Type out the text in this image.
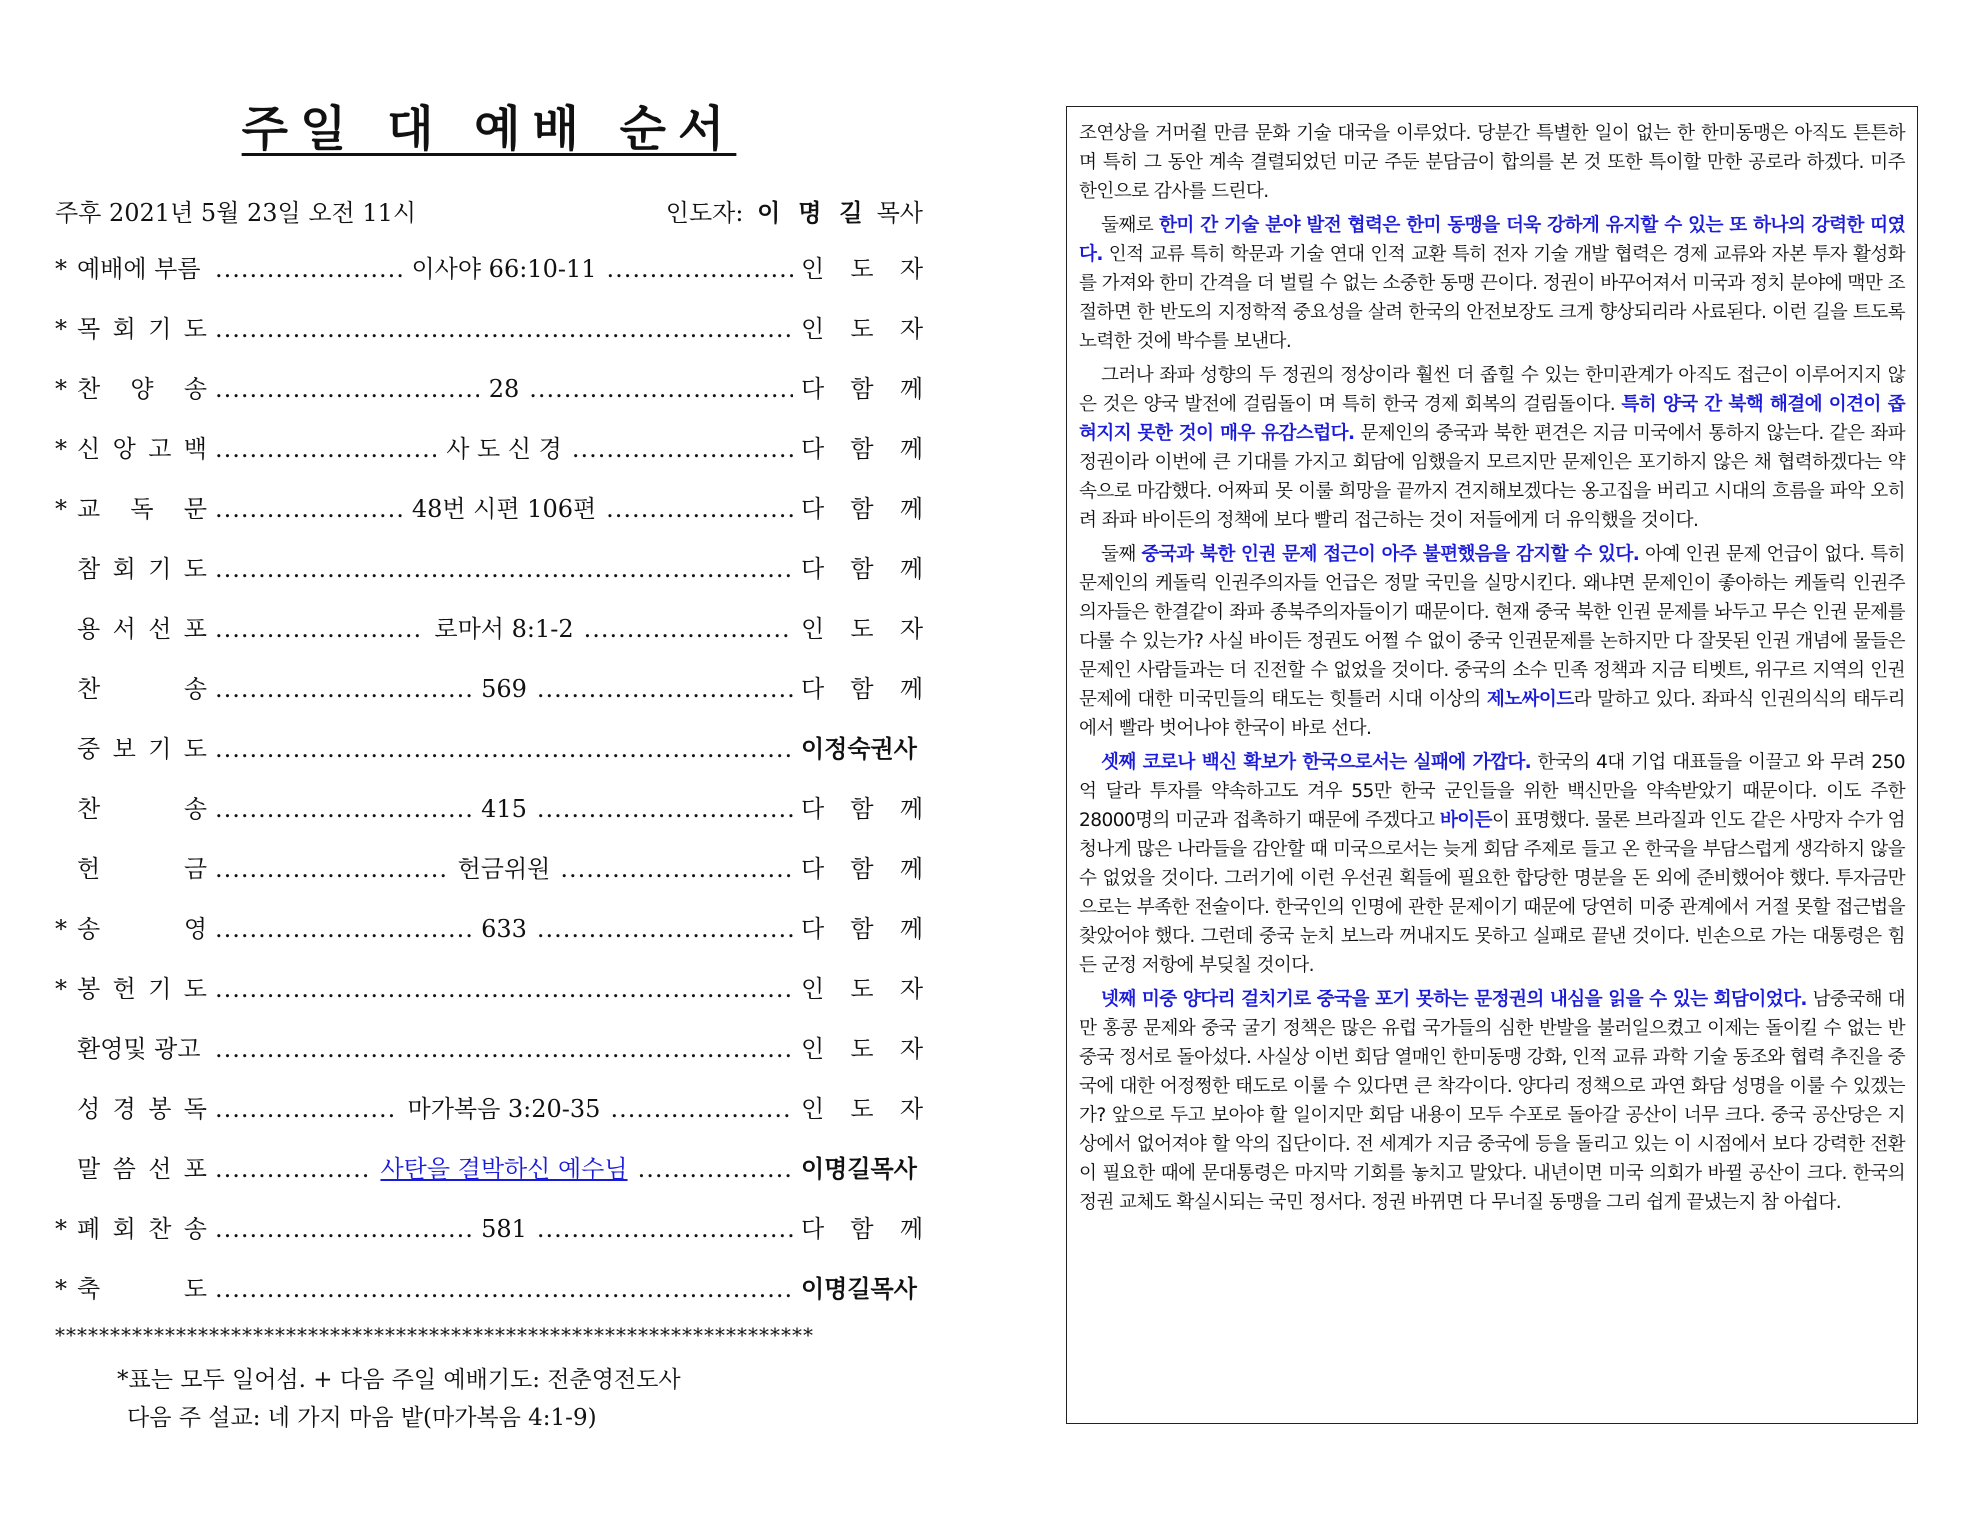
주일 대 예배 순서
주후 2021년 5월 23일 오전 11시	인도자: 이명길목사
* 예배에 부름 .....	이사야 66:10-11 .....	인 도 자
* 목 회 기 도 .....	인 도 자
* 찬 양 송 .....	28 .....	다 함 께
* 신 앙 고 백 .....	사 도 신 경 .....	다 함 께
* 교 독 문 .....	48번 시편 106편 .....	다 함 께
참 회 기 도 .....	다 함 께
용 서 선 포 .....	로마서 8:1-2 .....	인 도 자
찬	송 .....	569 .....	다 함 께
중 보 기 도 .....	이정숙권사
찬	송 .....	415 .....	다 함 께
헌	금 .....	헌금위원 .....	다 함 께
* 송	영 .....	633 .....	다 함 께
* 봉 헌 기 도 .....	인 도 자
환영및 광고 .....	인 도 자
성 경 봉 독 .....	마가복음 3:20-35 .....	인 도 자
말 씀 선 포 .....	사탄을 결박하신 예수님 .....	이명길목사
* 폐 회 찬 송 .....	581 .....	다 함 께
* 축	도 .....	이명길목사
*********************************************************************
*표는 모두 일어섬. + 다음 주일 예배기도: 전춘영전도사
다음 주 설교: 네 가지 마음 밭(마가복음 4:1-9)

조연상을 거머쥘 만큼 문화 기술 대국을 이루었다. 당분간 특별한 일이 없는 한 한미동맹은 아직도 튼튼하며 특히 그 동안 계속 결렬되었던 미군 주둔 분담금이 합의를 본 것 또한 특이할 만한 공로라 하겠다. 미주 한인으로 감사를 드린다.

둘째로 한미 간 기술 분야 발전 협력은 한미 동맹을 더욱 강하게 유지할 수 있는 또 하나의 강력한 띠였다. 인적 교류 특히 학문과 기술 연대 인적 교환 특히 전자 기술 개발 협력은 경제 교류와 자본 투자 활성화를 가져와 한미 간격을 더 벌릴 수 없는 소중한 동맹 끈이다. 정권이 바꾸어져서 미국과 정치 분야에 맥만 조절하면 한 반도의 지정학적 중요성을 살려 한국의 안전보장도 크게 향상되리라 사료된다. 이런 길을 트도록 노력한 것에 박수를 보낸다.

그러나 좌파 성향의 두 정권의 정상이라 훨씬 더 좁힐 수 있는 한미관계가 아직도 접근이 이루어지지 않은 것은 양국 발전에 걸림돌이 며 특히 한국 경제 회복의 걸림돌이다. 특히 양국 간 북핵 해결에 이견이 좁혀지지 못한 것이 매우 유감스럽다. 문제인의 중국과 북한 편견은 지금 미국에서 통하지 않는다. 같은 좌파 정권이라 이번에 큰 기대를 가지고 회담에 임했을지 모르지만 문제인은 포기하지 않은 채 협력하겠다는 약속으로 마감했다. 어짜피 못 이룰 희망을 끝까지 견지해보겠다는 옹고집을 버리고 시대의 흐름을 파악 오히려 좌파 바이든의 정책에 보다 빨리 접근하는 것이 저들에게 더 유익했을 것이다.

둘째 중국과 북한 인권 문제 접근이 아주 불편했음을 감지할 수 있다. 아예 인권 문제 언급이 없다. 특히 문제인의 케돌릭 인권주의자들 언급은 정말 국민을 실망시킨다. 왜냐면 문제인이 좋아하는 케돌릭 인권주의자들은 한결같이 좌파 종북주의자들이기 때문이다. 현재 중국 북한 인권 문제를 놔두고 무슨 인권 문제를 다룰 수 있는가? 사실 바이든 정권도 어쩔 수 없이 중국 인권문제를 논하지만 다 잘못된 인권 개념에 물들은 문제인 사람들과는 더 진전할 수 없었을 것이다. 중국의 소수 민족 정책과 지금 티벳트, 위구르 지역의 인권문제에 대한 미국민들의 태도는 힛틀러 시대 이상의 제노싸이드라 말하고 있다. 좌파식 인권의식의 태두리에서 빨라 벗어나야 한국이 바로 선다.

셋째 코로나 백신 확보가 한국으로서는 실패에 가깝다. 한국의 4대 기업 대표들을 이끌고 와 무려 250억 달라 투자를 약속하고도 겨우 55만 한국 군인들을 위한 백신만을 약속받았기 때문이다. 이도 주한 28000명의 미군과 접촉하기 때문에 주겠다고 바이든이 표명했다. 물론 브라질과 인도 같은 사망자 수가 엄청나게 많은 나라들을 감안할 때 미국으로서는 늦게 회담 주제로 들고 온 한국을 부담스럽게 생각하지 않을 수 없었을 것이다. 그러기에 이런 우선권 획들에 필요한 합당한 명분을 돈 외에 준비했어야 했다. 투자금만으로는 부족한 전술이다. 한국인의 인명에 관한 문제이기 때문에 당연히 미중 관계에서 거절 못할 접근법을 찾았어야 했다. 그런데 중국 눈치 보느라 꺼내지도 못하고 실패로 끝낸 것이다. 빈손으로 가는 대통령은 힘든 군정 저항에 부딪칠 것이다.

넷째 미중 양다리 걸치기로 중국을 포기 못하는 문정권의 내심을 읽을 수 있는 회담이었다. 남중국해 대만 홍콩 문제와 중국 굴기 정책은 많은 유럽 국가들의 심한 반발을 불러일으켰고 이제는 돌이킬 수 없는 반 중국 정서로 돌아섰다. 사실상 이번 회담 열매인 한미동맹 강화, 인적 교류 과학 기술 동조와 협력 추진을 중국에 대한 어정쩡한 태도로 이룰 수 있다면 큰 착각이다. 양다리 정책으로 과연 화담 성명을 이룰 수 있겠는가? 앞으로 두고 보아야 할 일이지만 회담 내용이 모두 수포로 돌아갈 공산이 너무 크다. 중국 공산당은 지상에서 없어져야 할 악의 집단이다. 전 세계가 지금 중국에 등을 돌리고 있는 이 시점에서 보다 강력한 전환이 필요한 때에 문대통령은 마지막 기회를 놓치고 말았다. 내년이면 미국 의회가 바뀔 공산이 크다. 한국의 정권 교체도 확실시되는 국민 정서다. 정권 바뀌면 다 무너질 동맹을 그리 쉽게 끝냈는지 참 아쉽다.
